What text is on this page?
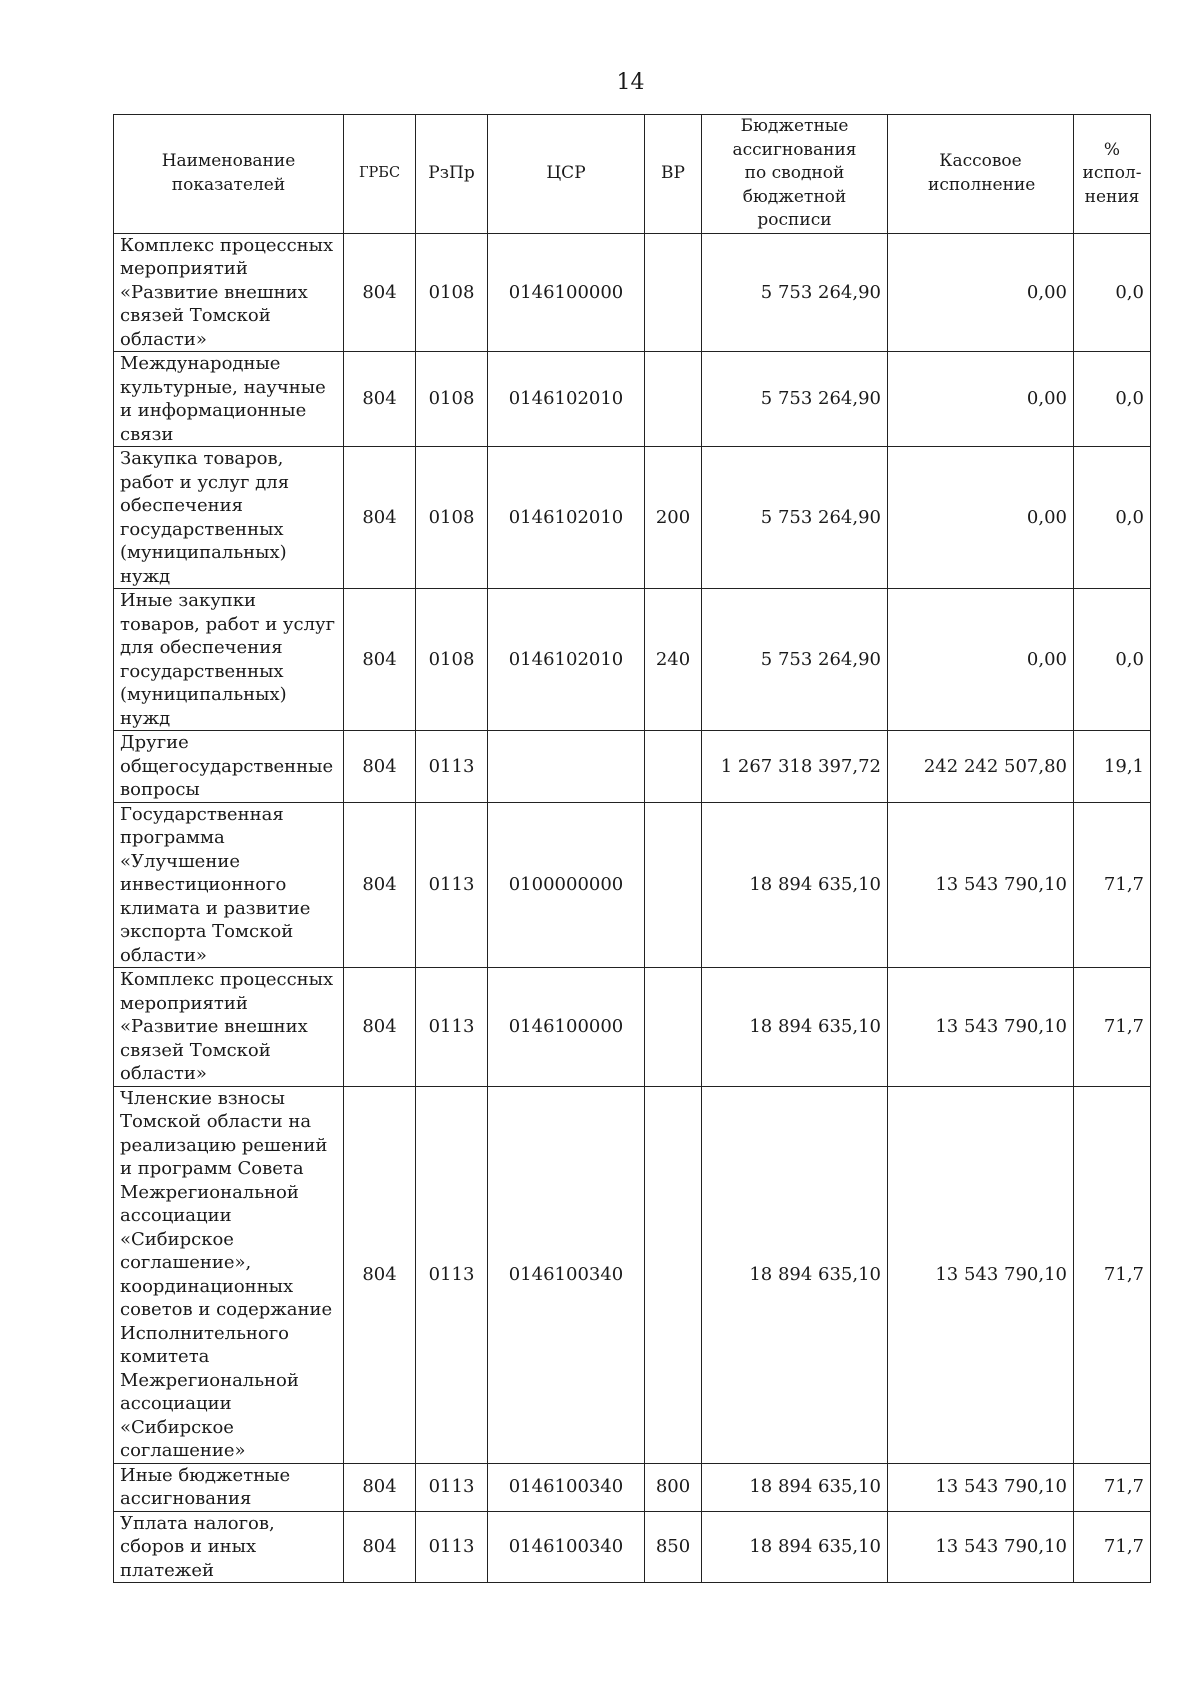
14
Наименование показателей	ГРБС	РзПр	ЦСР	ВР	Бюджетные ассигнования по сводной бюджетной росписи	Кассовое исполнение	%
испол-
нения

Комплекс процессных мероприятий «Развитие внешних связей Томской области»	804	0108	0146100000		5 753 264,90	0,00	0,0
Международные культурные, научные и информационные связи	804	0108	0146102010		5 753 264,90	0,00	0,0
Закупка товаров, работ и услуг для обеспечения государственных (муниципальных) нужд	804	0108	0146102010	200	5 753 264,90	0,00	0,0
Иные закупки товаров, работ и услуг для обеспечения государственных (муниципальных) нужд	804	0108	0146102010	240	5 753 264,90	0,00	0,0
Другие общегосударственные вопросы	804	0113			1 267 318 397,72	242 242 507,80	19,1
Государственная программа «Улучшение инвестиционного климата и развитие экспорта Томской области»	804	0113	0100000000		18 894 635,10	13 543 790,10	71,7
Комплекс процессных мероприятий «Развитие внешних связей Томской области»	804	0113	0146100000		18 894 635,10	13 543 790,10	71,7
Членские взносы Томской области на реализацию решений и программ Совета Межрегиональной ассоциации «Сибирское соглашение», координационных советов и содержание Исполнительного комитета Межрегиональной ассоциации «Сибирское соглашение»	804	0113	0146100340		18 894 635,10	13 543 790,10	71,7
Иные бюджетные ассигнования	804	0113	0146100340	800	18 894 635,10	13 543 790,10	71,7
Уплата налогов, сборов и иных платежей	804	0113	0146100340	850	18 894 635,10	13 543 790,10	71,7
